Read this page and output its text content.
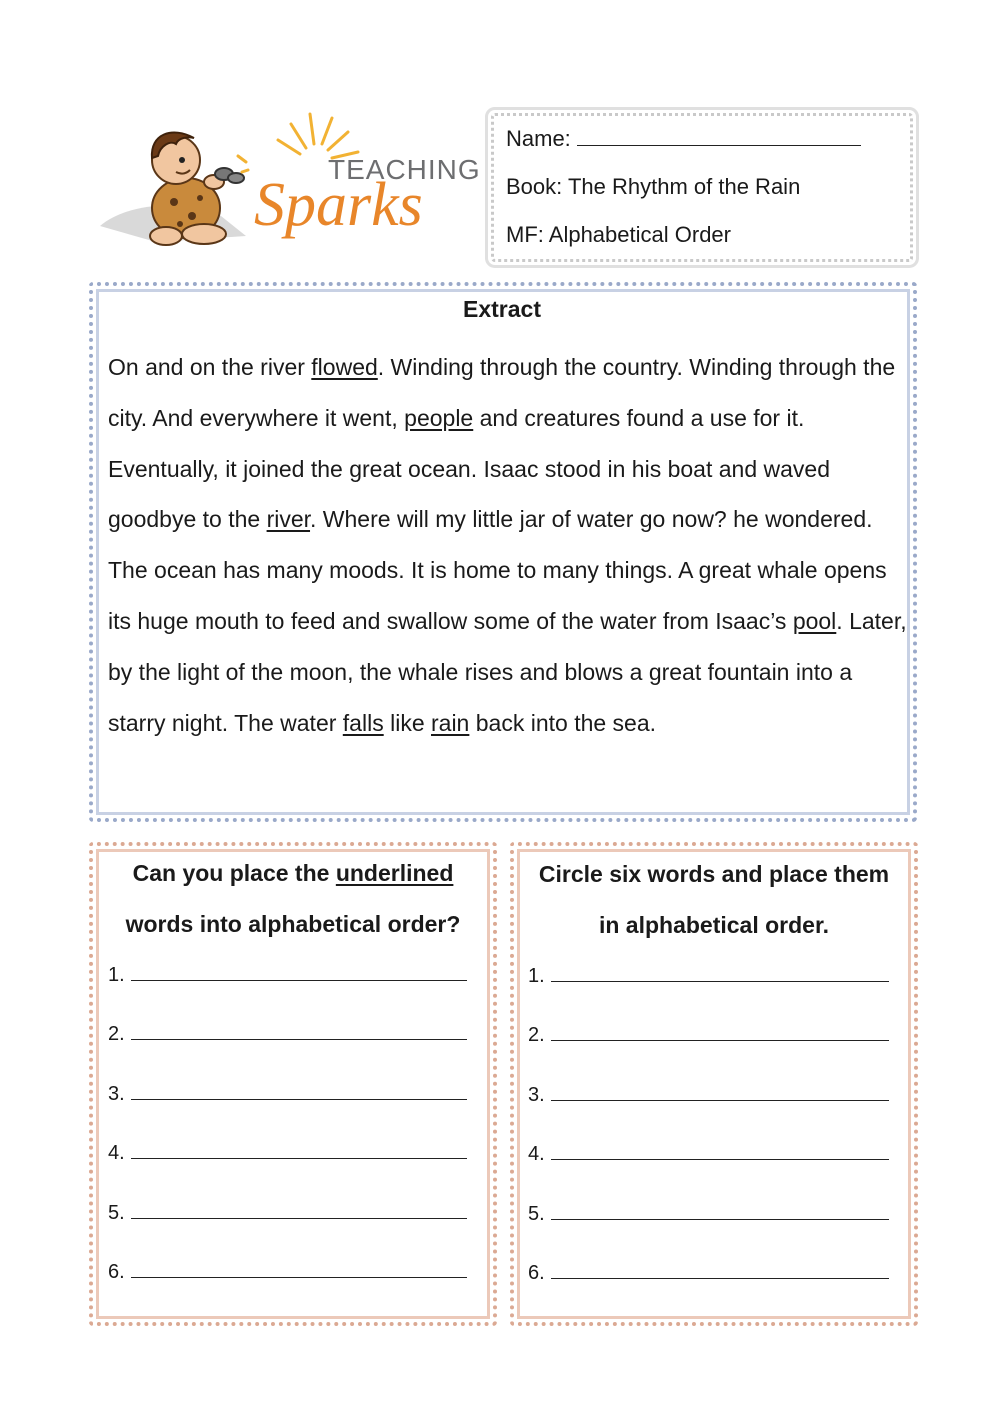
TEACHING
Sparks
Name:
Book: The Rhythm of the Rain
MF: Alphabetical Order
Extract
On and on the river flowed. Winding through the country. Winding through the city. And everywhere it went, people and creatures found a use for it. Eventually, it joined the great ocean. Isaac stood in his boat and waved goodbye to the river. Where will my little jar of water go now? he wondered. The ocean has many moods. It is home to many things. A great whale opens its huge mouth to feed and swallow some of the water from Isaac’s pool. Later, by the light of the moon, the whale rises and blows a great fountain into a starry night. The water falls like rain back into the sea.
Can you place the underlined
words into alphabetical order?
1.
2.
3.
4.
5.
6.
Circle six words and place them
in alphabetical order.
1.
2.
3.
4.
5.
6.
